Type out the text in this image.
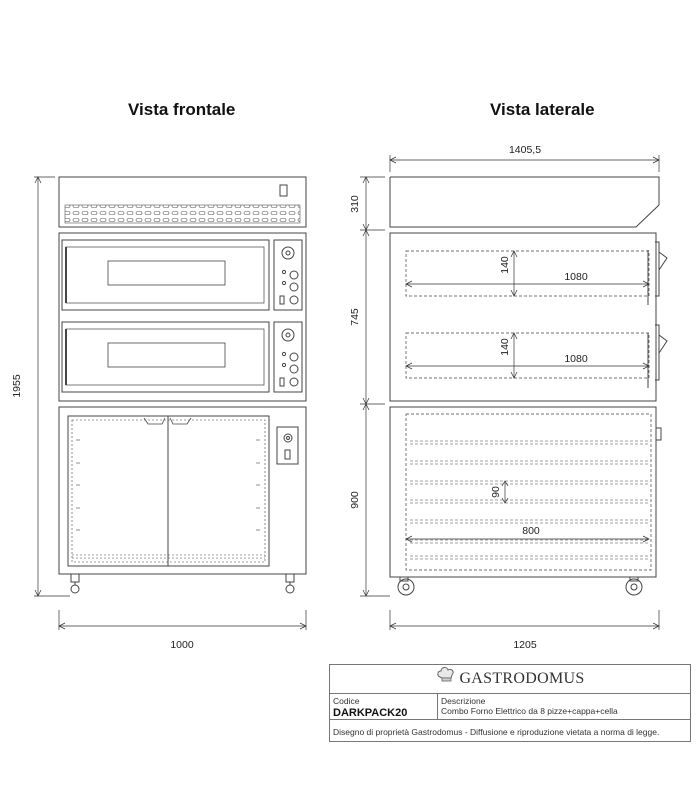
Vista frontale	Vista laterale
1955
1000
1405,5
1205
310
745
900
140
1080
140
1080
90
800
GASTRODOMUS
Codice
DARKPACK20
Descrizione
Combo Forno Elettrico da 8 pizze+cappa+cella
Disegno di proprietà Gastrodomus - Diffusione e riproduzione vietata a norma di legge.
